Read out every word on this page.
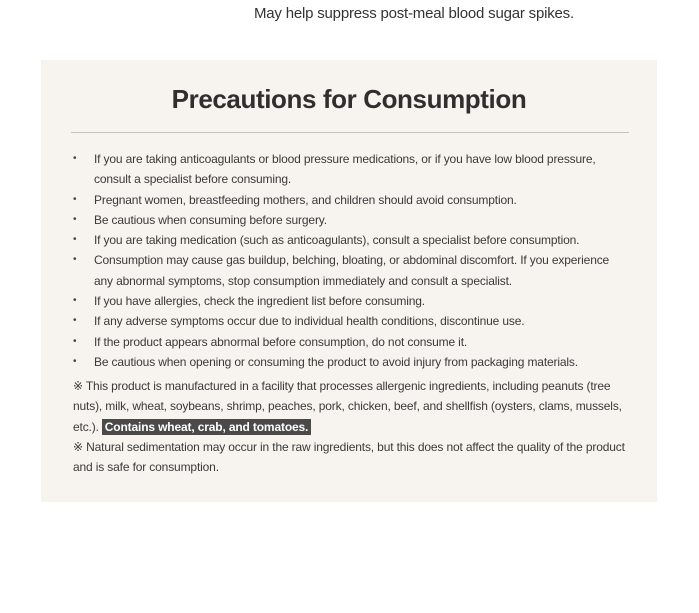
May help suppress post-meal blood sugar spikes.
Precautions for Consumption
• If you are taking anticoagulants or blood pressure medications, or if you have low blood pressure, consult a specialist before consuming.
• Pregnant women, breastfeeding mothers, and children should avoid consumption.
• Be cautious when consuming before surgery.
• If you are taking medication (such as anticoagulants), consult a specialist before consumption.
• Consumption may cause gas buildup, belching, bloating, or abdominal discomfort. If you experience any abnormal symptoms, stop consumption immediately and consult a specialist.
• If you have allergies, check the ingredient list before consuming.
• If any adverse symptoms occur due to individual health conditions, discontinue use.
• If the product appears abnormal before consumption, do not consume it.
• Be cautious when opening or consuming the product to avoid injury from packaging materials.

※ This product is manufactured in a facility that processes allergenic ingredients, including peanuts (tree nuts), milk, wheat, soybeans, shrimp, peaches, pork, chicken, beef, and shellfish (oysters, clams, mussels, etc.). Contains wheat, crab, and tomatoes.

※ Natural sedimentation may occur in the raw ingredients, but this does not affect the quality of the product and is safe for consumption.
